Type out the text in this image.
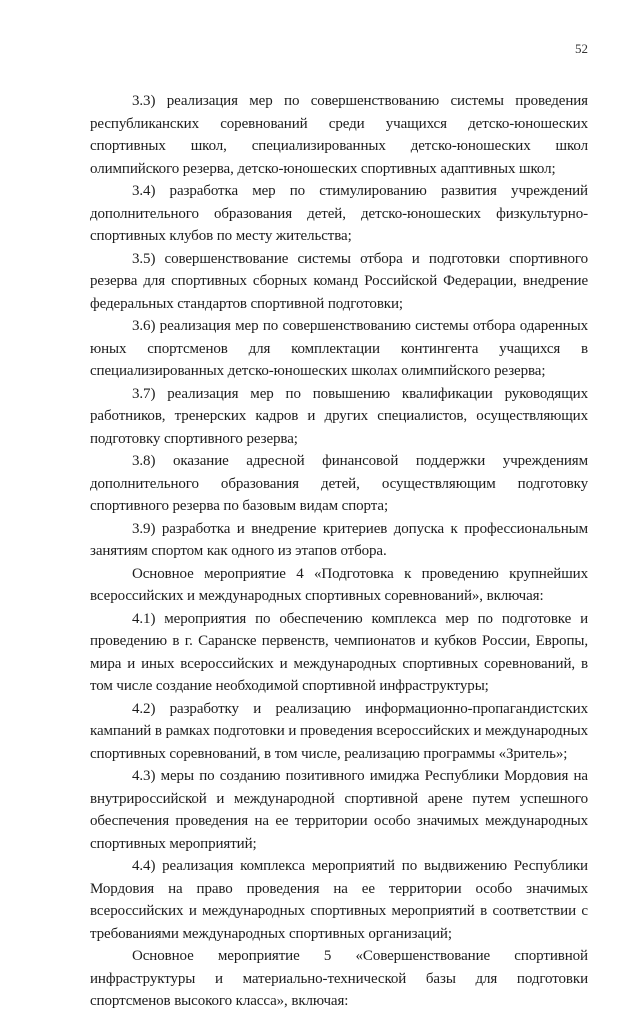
52

3.3) реализация мер по совершенствованию системы проведения республиканских соревнований среди учащихся детско-юношеских спортивных школ, специализированных детско-юношеских школ олимпийского резерва, детско-юношеских спортивных адаптивных школ;

3.4) разработка мер по стимулированию развития учреждений дополнительного образования детей, детско-юношеских физкультурно-спортивных клубов по месту жительства;

3.5) совершенствование системы отбора и подготовки спортивного резерва для спортивных сборных команд Российской Федерации, внедрение федеральных стандартов спортивной подготовки;

3.6) реализация мер по совершенствованию системы отбора одаренных юных спортсменов для комплектации контингента учащихся в специализированных детско-юношеских школах олимпийского резерва;

3.7) реализация мер по повышению квалификации руководящих работников, тренерских кадров и других специалистов, осуществляющих подготовку спортивного резерва;

3.8) оказание адресной финансовой поддержки учреждениям дополнительного образования детей, осуществляющим подготовку спортивного резерва по базовым видам спорта;

3.9) разработка и внедрение критериев допуска к профессиональным занятиям спортом как одного из этапов отбора.

Основное мероприятие 4 «Подготовка к проведению крупнейших всероссийских и международных спортивных соревнований», включая:

4.1) мероприятия по обеспечению комплекса мер по подготовке и проведению в г. Саранске первенств, чемпионатов и кубков России, Европы, мира и иных всероссийских и международных спортивных соревнований, в том числе создание необходимой спортивной инфраструктуры;

4.2) разработку и реализацию информационно-пропагандистских кампаний в рамках подготовки и проведения всероссийских и международных спортивных соревнований, в том числе, реализацию программы «Зритель»;

4.3) меры по созданию позитивного имиджа Республики Мордовия на внутрироссийской и международной спортивной арене путем успешного обеспечения проведения на ее территории особо значимых международных спортивных мероприятий;

4.4) реализация комплекса мероприятий по выдвижению Республики Мордовия на право проведения на ее территории особо значимых всероссийских и международных спортивных мероприятий в соответствии с требованиями международных спортивных организаций;

Основное мероприятие 5 «Совершенствование спортивной инфраструктуры и материально-технической базы для подготовки спортсменов высокого класса», включая:
